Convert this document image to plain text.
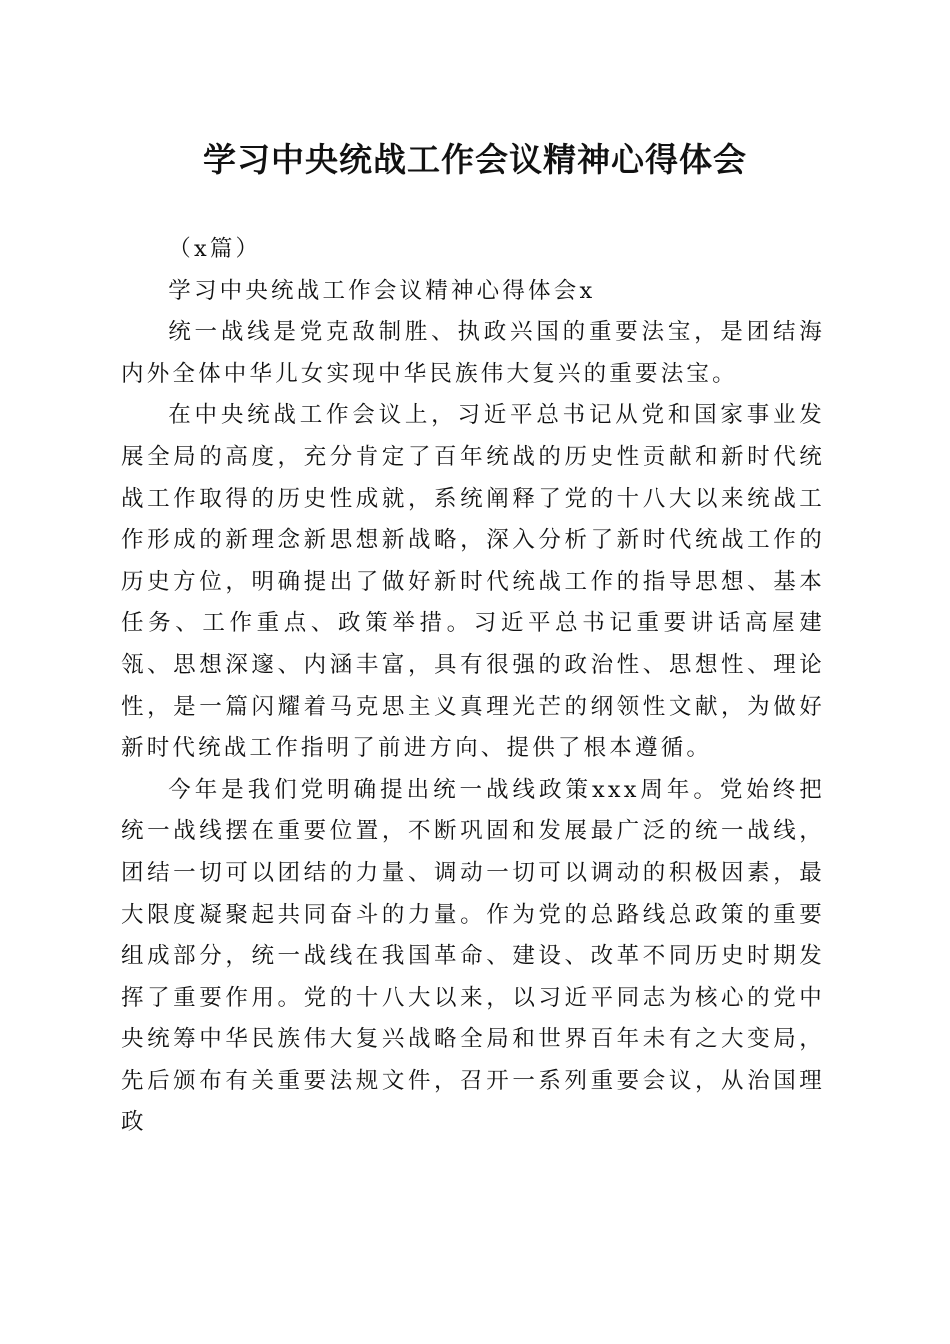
学习中央统战工作会议精神心得体会

（x篇）

学习中央统战工作会议精神心得体会x

统一战线是党克敌制胜、执政兴国的重要法宝，是团结海内外全体中华儿女实现中华民族伟大复兴的重要法宝。

在中央统战工作会议上，习近平总书记从党和国家事业发展全局的高度，充分肯定了百年统战的历史性贡献和新时代统战工作取得的历史性成就，系统阐释了党的十八大以来统战工作形成的新理念新思想新战略，深入分析了新时代统战工作的历史方位，明确提出了做好新时代统战工作的指导思想、基本任务、工作重点、政策举措。习近平总书记重要讲话高屋建瓴、思想深邃、内涵丰富，具有很强的政治性、思想性、理论性，是一篇闪耀着马克思主义真理光芒的纲领性文献，为做好新时代统战工作指明了前进方向、提供了根本遵循。

今年是我们党明确提出统一战线政策xxx周年。党始终把统一战线摆在重要位置，不断巩固和发展最广泛的统一战线，团结一切可以团结的力量、调动一切可以调动的积极因素，最大限度凝聚起共同奋斗的力量。作为党的总路线总政策的重要组成部分，统一战线在我国革命、建设、改革不同历史时期发挥了重要作用。党的十八大以来，以习近平同志为核心的党中央统筹中华民族伟大复兴战略全局和世界百年未有之大变局，先后颁布有关重要法规文件，召开一系列重要会议，从治国理政
